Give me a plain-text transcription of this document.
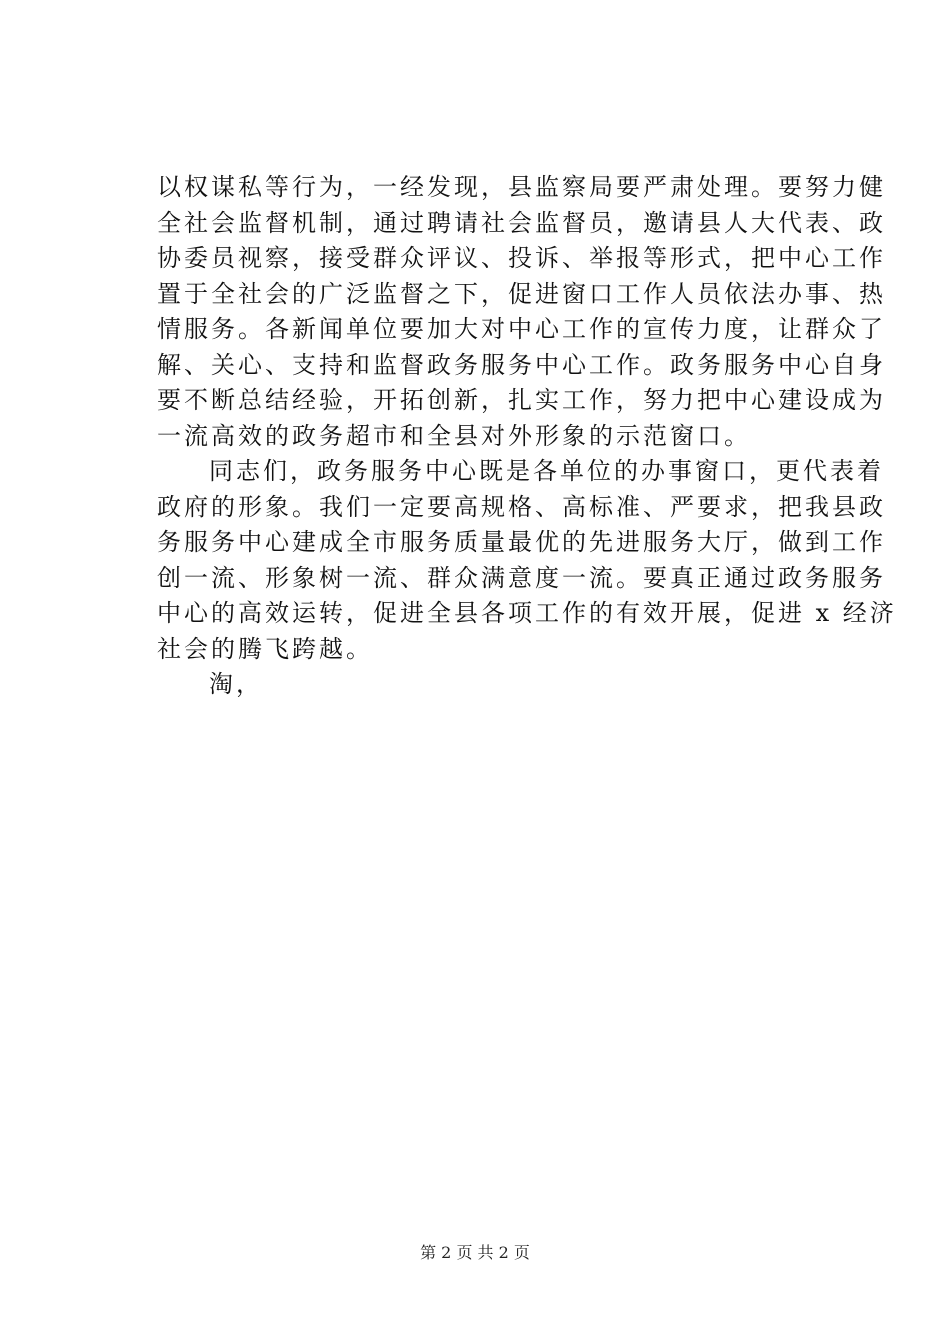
以权谋私等行为，一经发现，县监察局要严肃处理。要努力健
全社会监督机制，通过聘请社会监督员，邀请县人大代表、政
协委员视察，接受群众评议、投诉、举报等形式，把中心工作
置于全社会的广泛监督之下，促进窗口工作人员依法办事、热
情服务。各新闻单位要加大对中心工作的宣传力度，让群众了
解、关心、支持和监督政务服务中心工作。政务服务中心自身
要不断总结经验，开拓创新，扎实工作，努力把中心建设成为
一流高效的政务超市和全县对外形象的示范窗口。
同志们，政务服务中心既是各单位的办事窗口，更代表着
政府的形象。我们一定要高规格、高标准、严要求，把我县政
务服务中心建成全市服务质量最优的先进服务大厅，做到工作
创一流、形象树一流、群众满意度一流。要真正通过政务服务
中心的高效运转，促进全县各项工作的有效开展，促进 x 经济
社会的腾飞跨越。
淘，
第 2 页 共 2 页
